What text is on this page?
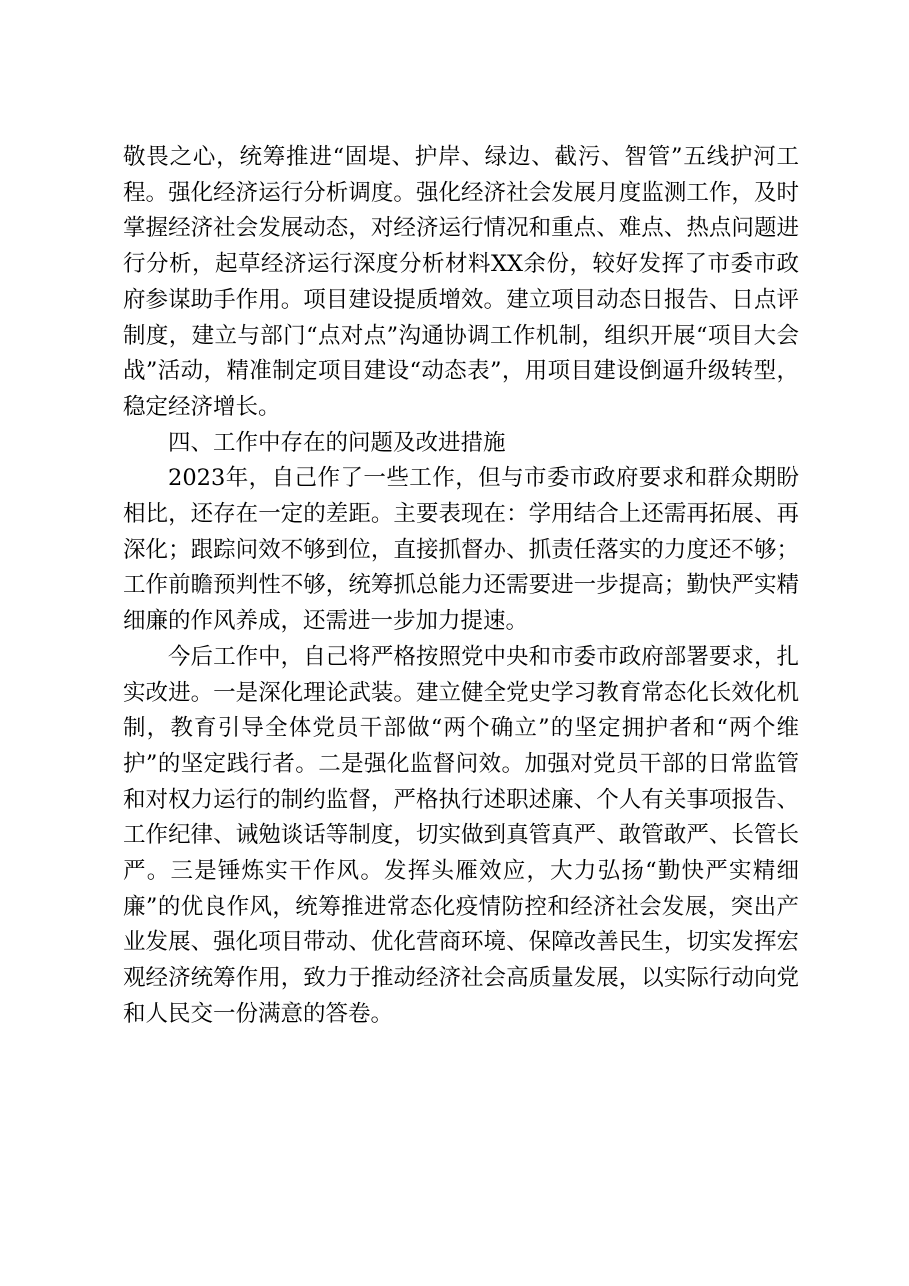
敬畏之心，统筹推进“固堤、护岸、绿边、截污、智管”五线护河工程。强化经济运行分析调度。强化经济社会发展月度监测工作，及时掌握经济社会发展动态，对经济运行情况和重点、难点、热点问题进行分析，起草经济运行深度分析材料XX余份，较好发挥了市委市政府参谋助手作用。项目建设提质增效。建立项目动态日报告、日点评制度，建立与部门“点对点”沟通协调工作机制，组织开展“项目大会战”活动，精准制定项目建设“动态表”，用项目建设倒逼升级转型，稳定经济增长。

四、工作中存在的问题及改进措施

2023年，自己作了一些工作，但与市委市政府要求和群众期盼相比，还存在一定的差距。主要表现在：学用结合上还需再拓展、再深化；跟踪问效不够到位，直接抓督办、抓责任落实的力度还不够；工作前瞻预判性不够，统筹抓总能力还需要进一步提高；勤快严实精细廉的作风养成，还需进一步加力提速。

今后工作中，自己将严格按照党中央和市委市政府部署要求，扎实改进。一是深化理论武装。建立健全党史学习教育常态化长效化机制，教育引导全体党员干部做“两个确立”的坚定拥护者和“两个维护”的坚定践行者。二是强化监督问效。加强对党员干部的日常监管和对权力运行的制约监督，严格执行述职述廉、个人有关事项报告、工作纪律、诫勉谈话等制度，切实做到真管真严、敢管敢严、长管长严。三是锤炼实干作风。发挥头雁效应，大力弘扬“勤快严实精细廉”的优良作风，统筹推进常态化疫情防控和经济社会发展，突出产业发展、强化项目带动、优化营商环境、保障改善民生，切实发挥宏观经济统筹作用，致力于推动经济社会高质量发展，以实际行动向党和人民交一份满意的答卷。
